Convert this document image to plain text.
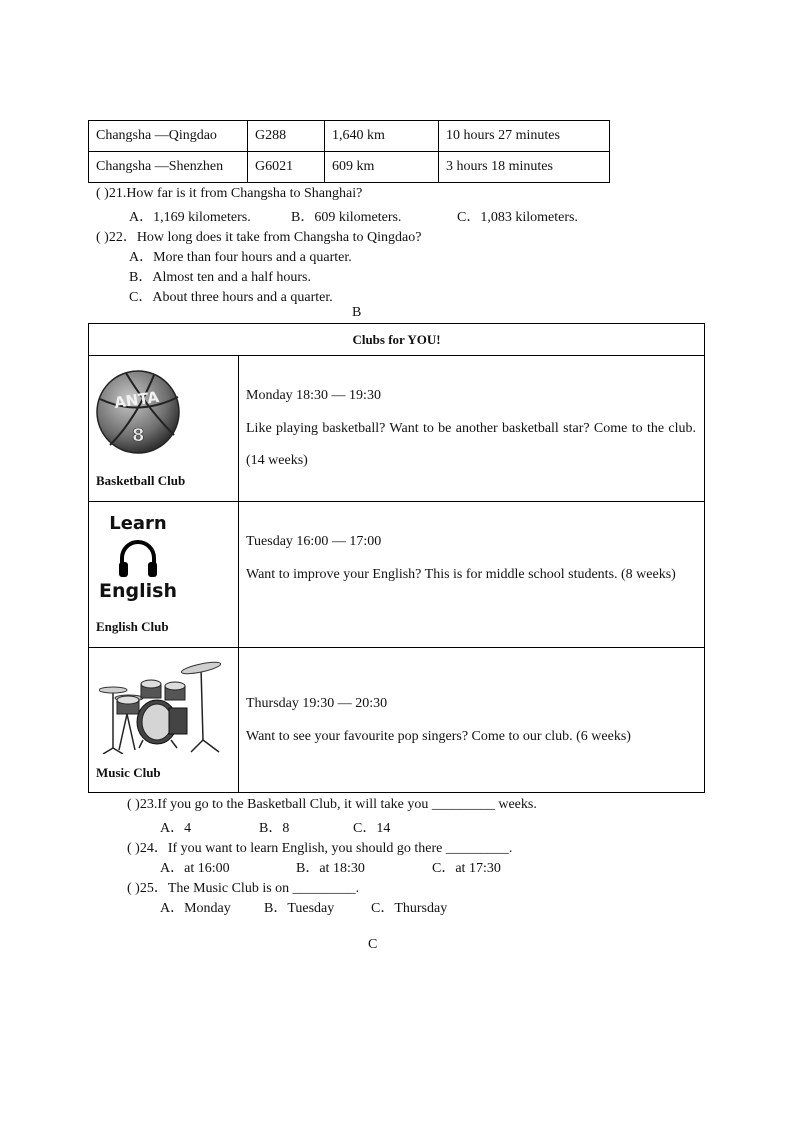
Changsha —Qingdao	G288	1,640 km	10 hours 27 minutes
Changsha —Shenzhen	G6021	609 km	3 hours 18 minutes
( )21.How far is it from Changsha to Shanghai?
A．1,169 kilometers.	B．609 kilometers.	C．1,083 kilometers.
( )22．How long does it take from Changsha to Qingdao?
A．More than four hours and a quarter.
B．Almost ten and a half hours.
C．About three hours and a quarter.
B
Clubs for YOU!
ANTA
8
Basketball Club
Monday 18:30 — 19:30
Like playing basketball? Want to be another basketball star? Come to the club. (14 weeks)
Learn
English
English Club
Tuesday 16:00 — 17:00
Want to improve your English? This is for middle school students. (8 weeks)
Music Club
Thursday 19:30 — 20:30
Want to see your favourite pop singers? Come to our club. (6 weeks)
( )23.If you go to the Basketball Club, it will take you _________ weeks.
A．4	B．8	C．14
( )24．If you want to learn English, you should go there _________.
A．at 16:00	B．at 18:30	C．at 17:30
( )25．The Music Club is on _________.
A．Monday B．Tuesday	C．Thursday
C
